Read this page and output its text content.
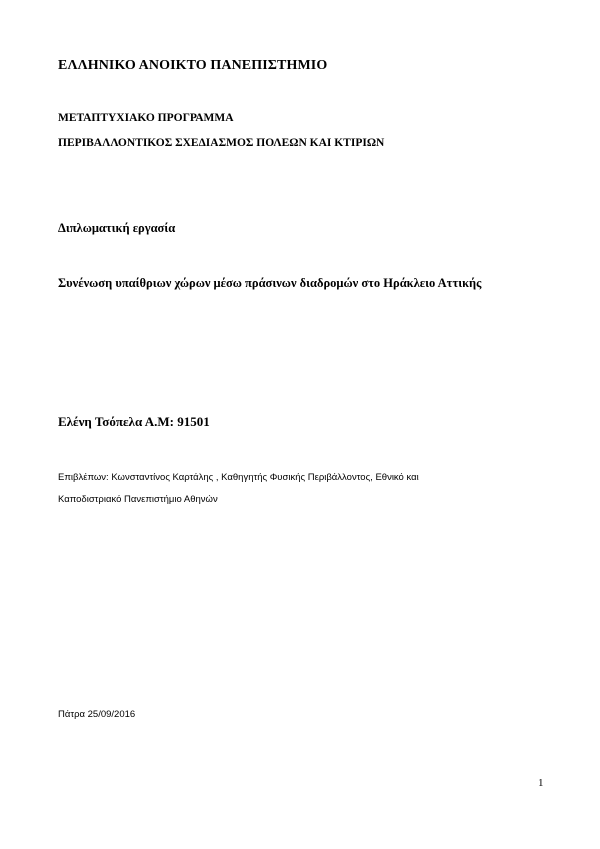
ΕΛΛΗΝΙΚΟ ΑΝΟΙΚΤΟ ΠΑΝΕΠΙΣΤΗΜΙΟ

ΜΕΤΑΠΤΥΧΙΑΚΟ ΠΡΟΓΡΑΜΜΑ

ΠΕΡΙΒΑΛΛΟΝΤΙΚΟΣ ΣΧΕΔΙΑΣΜΟΣ ΠΟΛΕΩΝ ΚΑΙ ΚΤΙΡΙΩΝ

Διπλωματική εργασία

Συνένωση υπαίθριων χώρων μέσω πράσινων διαδρομών στο Ηράκλειο Αττικής

Ελένη Τσόπελα Α.Μ: 91501

Επιβλέπων: Κωνσταντίνος Καρτάλης , Καθηγητής Φυσικής Περιβάλλοντος, Εθνικό και

Καποδιστριακό Πανεπιστήμιο Αθηνών

Πάτρα 25/09/2016

1
